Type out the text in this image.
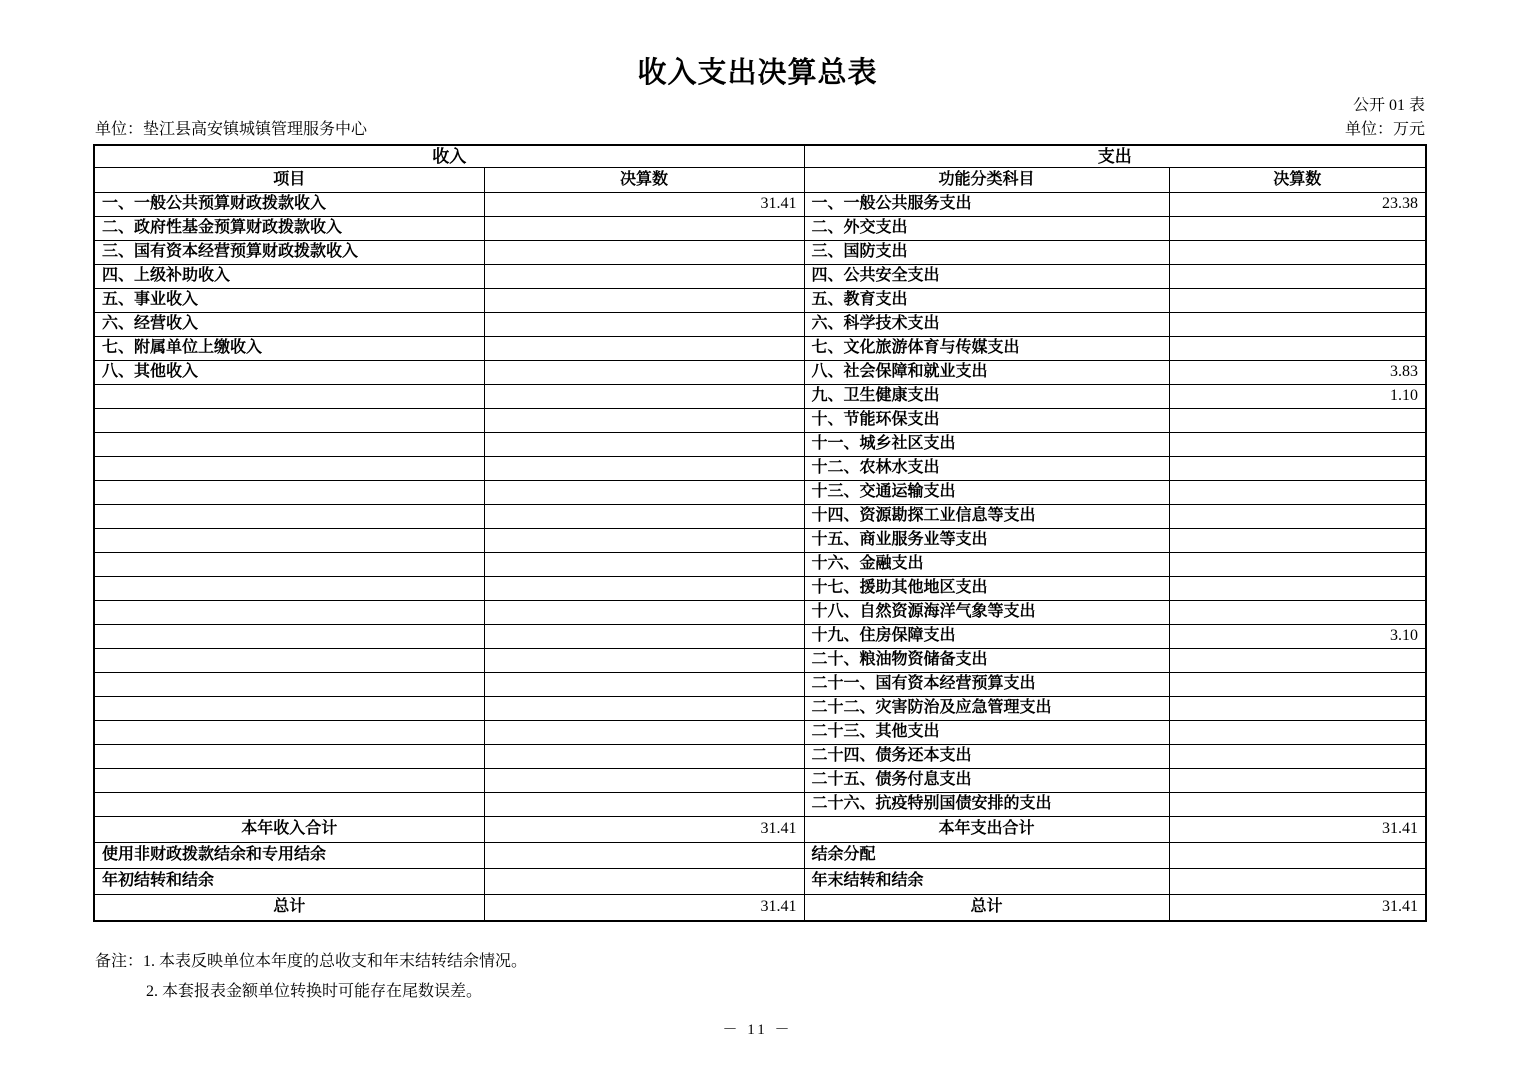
收入支出决算总表
公开 01 表
单位：垫江县高安镇城镇管理服务中心	单位：万元
收入		支出	
项目	决算数	功能分类科目	决算数
一、一般公共预算财政拨款收入	31.41	一、一般公共服务支出	23.38
二、政府性基金预算财政拨款收入		二、外交支出	
三、国有资本经营预算财政拨款收入		三、国防支出	
四、上级补助收入		四、公共安全支出	
五、事业收入		五、教育支出	
六、经营收入		六、科学技术支出	
七、附属单位上缴收入		七、文化旅游体育与传媒支出	
八、其他收入		八、社会保障和就业支出	3.83
		九、卫生健康支出	1.10
		十、节能环保支出	
		十一、城乡社区支出	
		十二、农林水支出	
		十三、交通运输支出	
		十四、资源勘探工业信息等支出	
		十五、商业服务业等支出	
		十六、金融支出	
		十七、援助其他地区支出	
		十八、自然资源海洋气象等支出	
		十九、住房保障支出	3.10
		二十、粮油物资储备支出	
		二十一、国有资本经营预算支出	
		二十二、灾害防治及应急管理支出	
		二十三、其他支出	
		二十四、债务还本支出	
		二十五、债务付息支出	
		二十六、抗疫特别国债安排的支出	
本年收入合计	31.41	本年支出合计	31.41
使用非财政拨款结余和专用结余		结余分配	
年初结转和结余		年末结转和结余	
总计	31.41	总计	31.41
备注：1. 本表反映单位本年度的总收支和年末结转结余情况。
2. 本套报表金额单位转换时可能存在尾数误差。
－ 11 －
